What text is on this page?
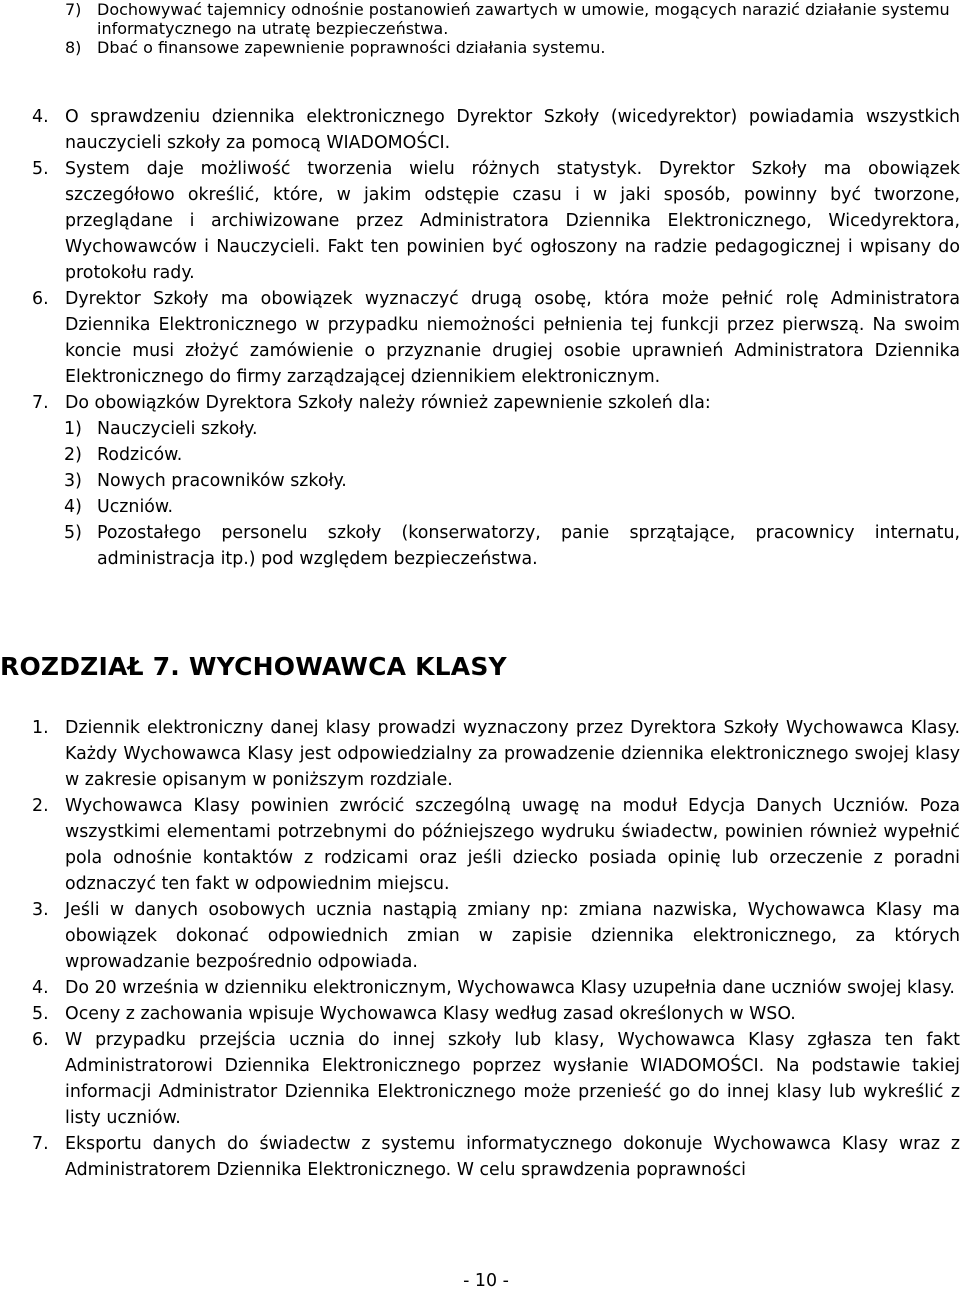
7) Dochowywać tajemnicy odnośnie postanowień zawartych w umowie, mogących narazić działanie systemu informatycznego na utratę bezpieczeństwa.

8) Dbać o finansowe zapewnienie poprawności działania systemu.

4. O sprawdzeniu dziennika elektronicznego Dyrektor Szkoły (wicedyrektor) powiadamia wszystkich nauczycieli szkoły za pomocą WIADOMOŚCI.

5. System daje możliwość tworzenia wielu różnych statystyk. Dyrektor Szkoły ma obowiązek szczegółowo określić, które, w jakim odstępie czasu i w jaki sposób, powinny być tworzone, przeglądane i archiwizowane przez Administratora Dziennika Elektronicznego, Wicedyrektora, Wychowawców i Nauczycieli. Fakt ten powinien być ogłoszony na radzie pedagogicznej i wpisany do protokołu rady.

6. Dyrektor Szkoły ma obowiązek wyznaczyć drugą osobę, która może pełnić rolę Administratora Dziennika Elektronicznego w przypadku niemożności pełnienia tej funkcji przez pierwszą. Na swoim koncie musi złożyć zamówienie o przyznanie drugiej osobie uprawnień Administratora Dziennika Elektronicznego do firmy zarządzającej dziennikiem elektronicznym.

7. Do obowiązków Dyrektora Szkoły należy również zapewnienie szkoleń dla:

1) Nauczycieli szkoły.

2) Rodziców.

3) Nowych pracowników szkoły.

4) Uczniów.

5) Pozostałego personelu szkoły (konserwatorzy, panie sprzątające, pracownicy internatu, administracja itp.) pod względem bezpieczeństwa.

ROZDZIAŁ 7. WYCHOWAWCA KLASY

1. Dziennik elektroniczny danej klasy prowadzi wyznaczony przez Dyrektora Szkoły Wychowawca Klasy. Każdy Wychowawca Klasy jest odpowiedzialny za prowadzenie dziennika elektronicznego swojej klasy w zakresie opisanym w poniższym rozdziale.

2. Wychowawca Klasy powinien zwrócić szczególną uwagę na moduł Edycja Danych Uczniów. Poza wszystkimi elementami potrzebnymi do późniejszego wydruku świadectw, powinien również wypełnić pola odnośnie kontaktów z rodzicami oraz jeśli dziecko posiada opinię lub orzeczenie z poradni odznaczyć ten fakt w odpowiednim miejscu.

3. Jeśli w danych osobowych ucznia nastąpią zmiany np: zmiana nazwiska, Wychowawca Klasy ma obowiązek dokonać odpowiednich zmian w zapisie dziennika elektronicznego, za których wprowadzanie bezpośrednio odpowiada.

4. Do 20 września w dzienniku elektronicznym, Wychowawca Klasy uzupełnia dane uczniów swojej klasy.

5. Oceny z zachowania wpisuje Wychowawca Klasy według zasad określonych w WSO.

6. W przypadku przejścia ucznia do innej szkoły lub klasy, Wychowawca Klasy zgłasza ten fakt Administratorowi Dziennika Elektronicznego poprzez wysłanie WIADOMOŚCI. Na podstawie takiej informacji Administrator Dziennika Elektronicznego może przenieść go do innej klasy lub wykreślić z listy uczniów.

7. Eksportu danych do świadectw z systemu informatycznego dokonuje Wychowawca Klasy wraz z Administratorem Dziennika Elektronicznego. W celu sprawdzenia poprawności

- 10 -
